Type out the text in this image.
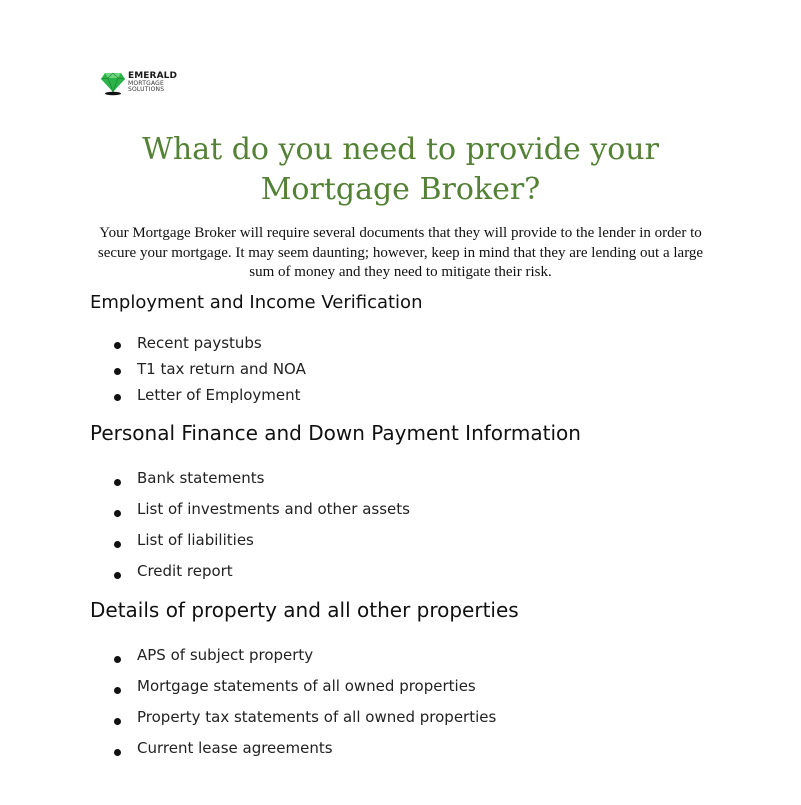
EMERALD
MORTGAGE
SOLUTIONS
What do you need to provide your
Mortgage Broker?

Your Mortgage Broker will require several documents that they will provide to the lender in order to secure your mortgage. It may seem daunting; however, keep in mind that they are lending out a large sum of money and they need to mitigate their risk.

Employment and Income Verification
Recent paystubs
T1 tax return and NOA
Letter of Employment
Personal Finance and Down Payment Information
Bank statements
List of investments and other assets
List of liabilities
Credit report
Details of property and all other properties
APS of subject property
Mortgage statements of all owned properties
Property tax statements of all owned properties
Current lease agreements
